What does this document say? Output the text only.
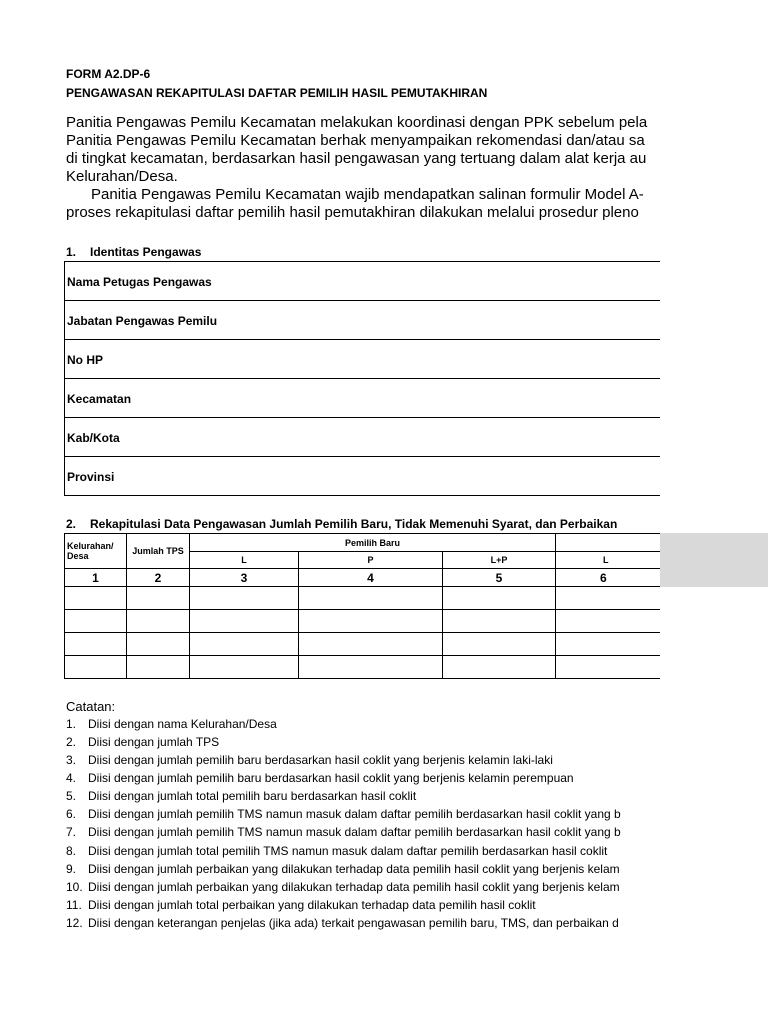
FORM A2.DP-6
PENGAWASAN REKAPITULASI DAFTAR PEMILIH HASIL PEMUTAKHIRAN
Panitia Pengawas Pemilu Kecamatan melakukan koordinasi dengan PPK sebelum pela
Panitia Pengawas Pemilu Kecamatan berhak menyampaikan rekomendasi dan/atau sa
di tingkat kecamatan, berdasarkan hasil pengawasan yang tertuang dalam alat kerja au
Kelurahan/Desa.
Panitia Pengawas Pemilu Kecamatan wajib mendapatkan salinan formulir Model A-
proses rekapitulasi daftar pemilih hasil pemutakhiran dilakukan melalui prosedur pleno
1. Identitas Pengawas
Nama Petugas Pengawas
Jabatan Pengawas Pemilu
No HP
Kecamatan
Kab/Kota
Provinsi
2. Rekapitulasi Data Pengawasan Jumlah Pemilih Baru, Tidak Memenuhi Syarat, dan Perbaikan
Kelurahan/ Desa	Jumlah TPS	Pemilih Baru			
		L	P	L+P	L
1	2	3	4	5	6

Catatan:
1. Diisi dengan nama Kelurahan/Desa
2. Diisi dengan jumlah TPS
3. Diisi dengan jumlah pemilih baru berdasarkan hasil coklit yang berjenis kelamin laki-laki
4. Diisi dengan jumlah pemilih baru berdasarkan hasil coklit yang berjenis kelamin perempuan
5. Diisi dengan jumlah total pemilih baru berdasarkan hasil coklit
6. Diisi dengan jumlah pemilih TMS namun masuk dalam daftar pemilih berdasarkan hasil coklit yang b
7. Diisi dengan jumlah pemilih TMS namun masuk dalam daftar pemilih berdasarkan hasil coklit yang b
8. Diisi dengan jumlah total pemilih TMS namun masuk dalam daftar pemilih berdasarkan hasil coklit
9. Diisi dengan jumlah perbaikan yang dilakukan terhadap data pemilih hasil coklit yang berjenis kelam
10. Diisi dengan jumlah perbaikan yang dilakukan terhadap data pemilih hasil coklit yang berjenis kelam
11. Diisi dengan jumlah total perbaikan yang dilakukan terhadap data pemilih hasil coklit
12. Diisi dengan keterangan penjelas (jika ada) terkait pengawasan pemilih baru, TMS, dan perbaikan d
